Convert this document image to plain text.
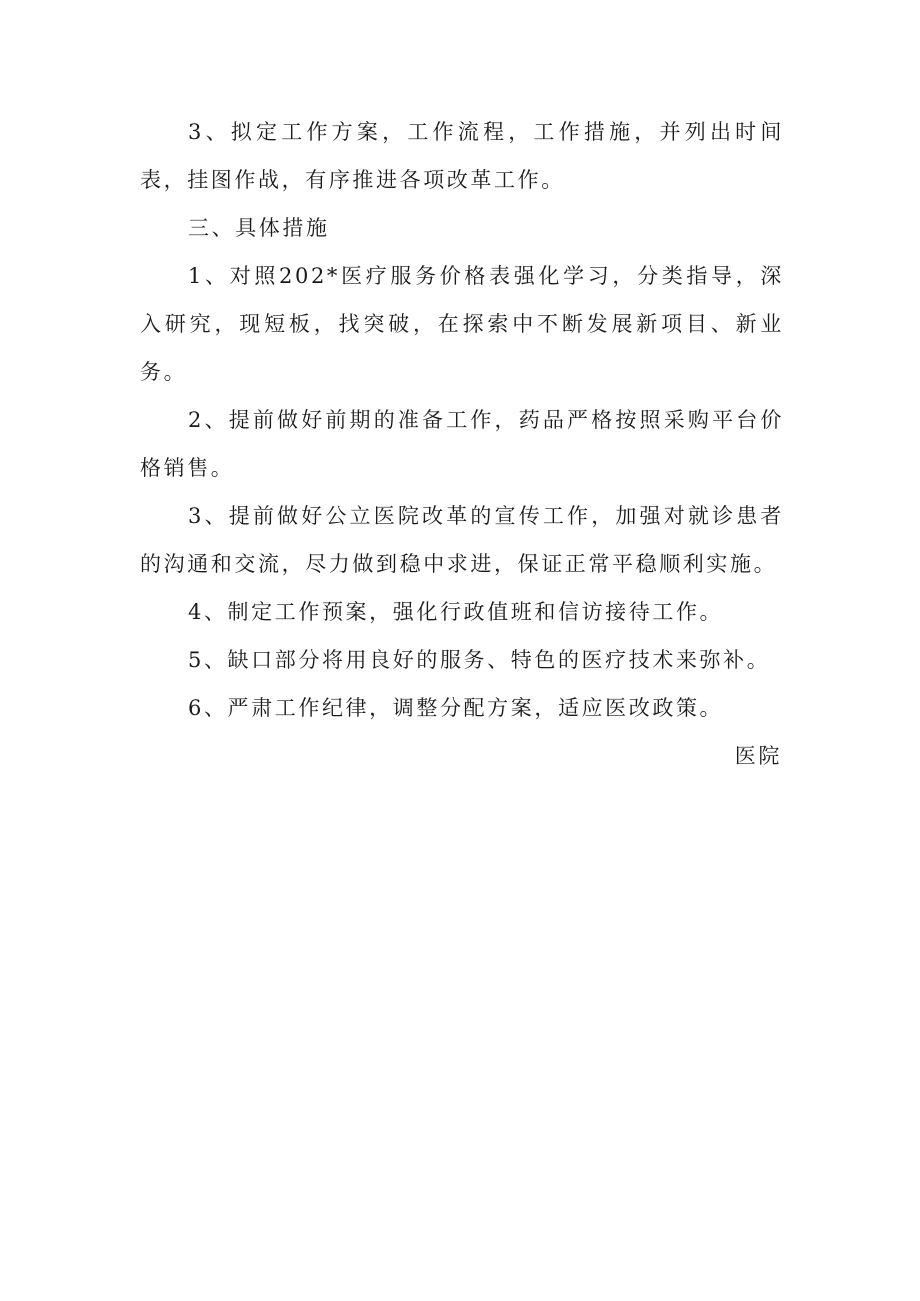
3、拟定工作方案，工作流程，工作措施，并列出时间表，挂图作战，有序推进各项改革工作。

三、具体措施

1、对照202*医疗服务价格表强化学习，分类指导，深入研究，现短板，找突破，在探索中不断发展新项目、新业务。

2、提前做好前期的准备工作，药品严格按照采购平台价格销售。

3、提前做好公立医院改革的宣传工作，加强对就诊患者的沟通和交流，尽力做到稳中求进，保证正常平稳顺利实施。

4、制定工作预案，强化行政值班和信访接待工作。

5、缺口部分将用良好的服务、特色的医疗技术来弥补。

6、严肃工作纪律，调整分配方案，适应医改政策。

医院
